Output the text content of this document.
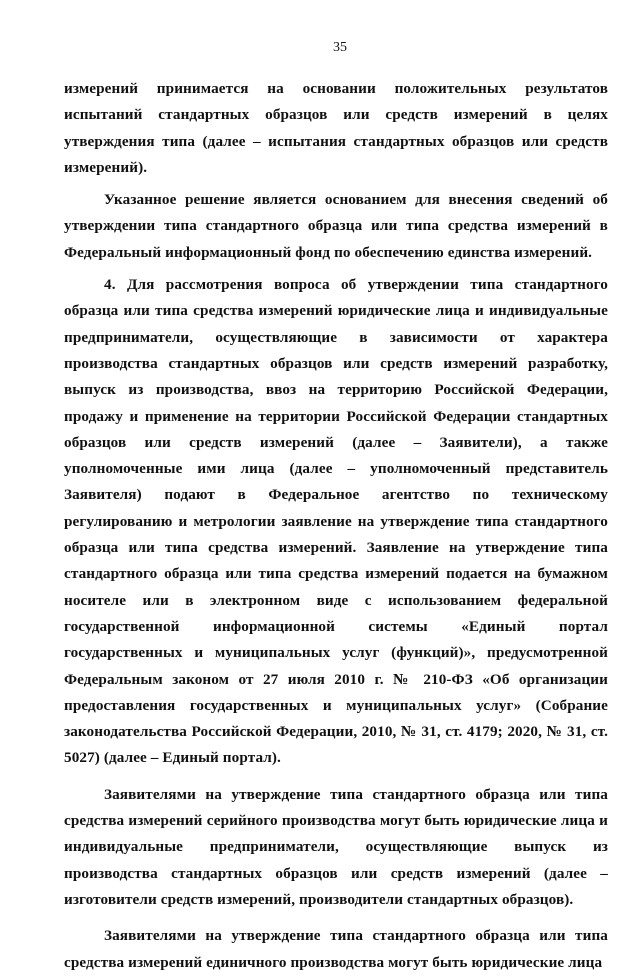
35

измерений принимается на основании положительных результатов испытаний стандартных образцов или средств измерений в целях утверждения типа (далее – испытания стандартных образцов или средств измерений).

Указанное решение является основанием для внесения сведений об утверждении типа стандартного образца или типа средства измерений в Федеральный информационный фонд по обеспечению единства измерений.

4. Для рассмотрения вопроса об утверждении типа стандартного образца или типа средства измерений юридические лица и индивидуальные предприниматели, осуществляющие в зависимости от характера производства стандартных образцов или средств измерений разработку, выпуск из производства, ввоз на территорию Российской Федерации, продажу и применение на территории Российской Федерации стандартных образцов или средств измерений (далее – Заявители), а также уполномоченные ими лица (далее – уполномоченный представитель Заявителя) подают в Федеральное агентство по техническому регулированию и метрологии заявление на утверждение типа стандартного образца или типа средства измерений. Заявление на утверждение типа стандартного образца или типа средства измерений подается на бумажном носителе или в электронном виде с использованием федеральной государственной информационной системы «Единый портал государственных и муниципальных услуг (функций)», предусмотренной Федеральным законом от 27 июля 2010 г. № 210-ФЗ «Об организации предоставления государственных и муниципальных услуг» (Собрание законодательства Российской Федерации, 2010, № 31, ст. 4179; 2020, № 31, ст. 5027) (далее – Единый портал).

Заявителями на утверждение типа стандартного образца или типа средства измерений серийного производства могут быть юридические лица и индивидуальные предприниматели, осуществляющие выпуск из производства стандартных образцов или средств измерений (далее – изготовители средств измерений, производители стандартных образцов).

Заявителями на утверждение типа стандартного образца или типа средства измерений единичного производства могут быть юридические лица
